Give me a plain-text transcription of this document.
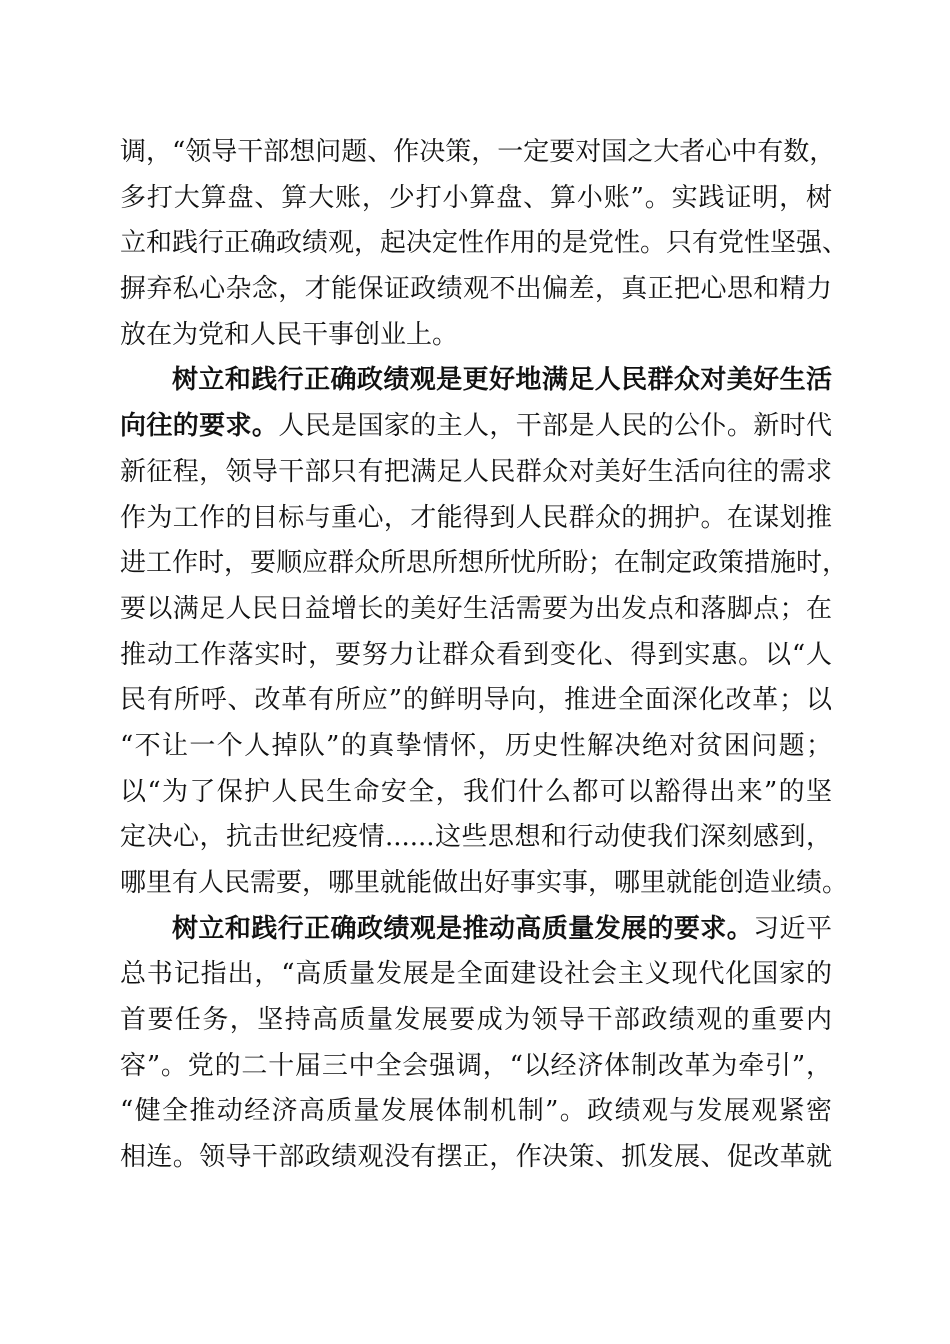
调，“领导干部想问题、作决策，一定要对国之大者心中有数，
多打大算盘、算大账，少打小算盘、算小账”。实践证明，树
立和践行正确政绩观，起决定性作用的是党性。只有党性坚强、
摒弃私心杂念，才能保证政绩观不出偏差，真正把心思和精力
放在为党和人民干事创业上。
树立和践行正确政绩观是更好地满足人民群众对美好生活
向往的要求。人民是国家的主人，干部是人民的公仆。新时代
新征程，领导干部只有把满足人民群众对美好生活向往的需求
作为工作的目标与重心，才能得到人民群众的拥护。在谋划推
进工作时，要顺应群众所思所想所忧所盼；在制定政策措施时，
要以满足人民日益增长的美好生活需要为出发点和落脚点；在
推动工作落实时，要努力让群众看到变化、得到实惠。以“人
民有所呼、改革有所应”的鲜明导向，推进全面深化改革；以
“不让一个人掉队”的真挚情怀，历史性解决绝对贫困问题；
以“为了保护人民生命安全，我们什么都可以豁得出来”的坚
定决心，抗击世纪疫情......这些思想和行动使我们深刻感到，
哪里有人民需要，哪里就能做出好事实事，哪里就能创造业绩。
树立和践行正确政绩观是推动高质量发展的要求。习近平
总书记指出，“高质量发展是全面建设社会主义现代化国家的
首要任务，坚持高质量发展要成为领导干部政绩观的重要内
容”。党的二十届三中全会强调，“以经济体制改革为牵引”，
“健全推动经济高质量发展体制机制”。政绩观与发展观紧密
相连。领导干部政绩观没有摆正，作决策、抓发展、促改革就
